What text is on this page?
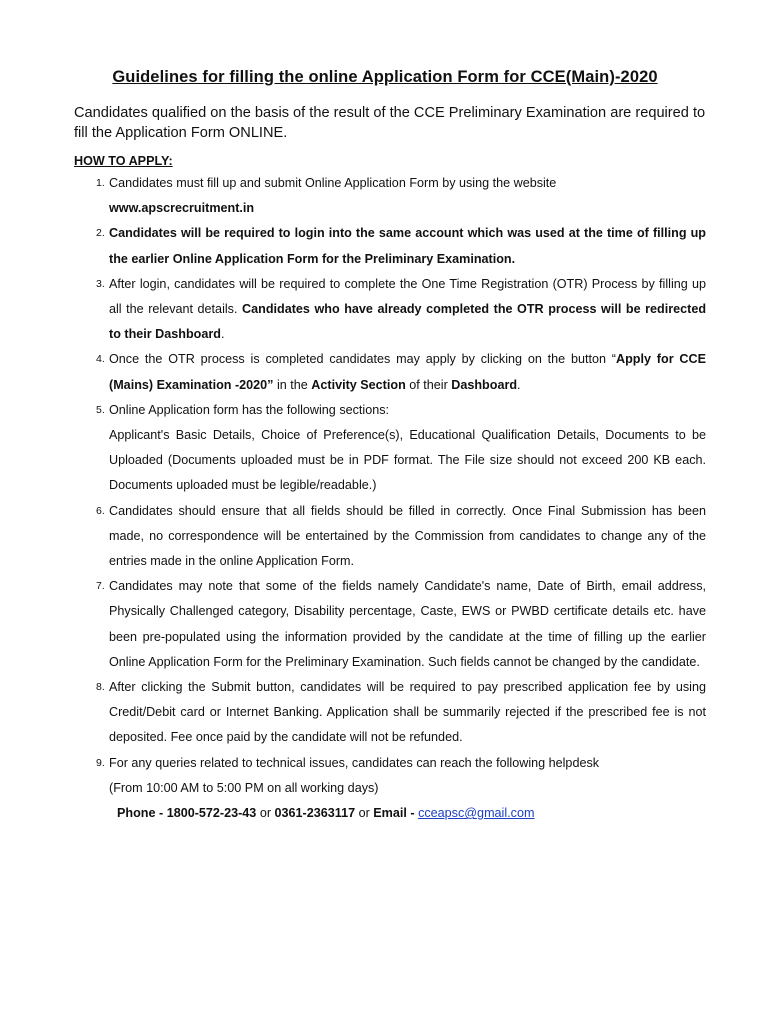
Guidelines for filling the online Application Form for CCE(Main)-2020
Candidates qualified on the basis of the result of the CCE Preliminary Examination are required to fill the Application Form ONLINE.
HOW TO APPLY:
1. Candidates must fill up and submit Online Application Form by using the website
www.apscrecruitment.in
2. Candidates will be required to login into the same account which was used at the time of filling up the earlier Online Application Form for the Preliminary Examination.
3. After login, candidates will be required to complete the One Time Registration (OTR) Process by filling up all the relevant details. Candidates who have already completed the OTR process will be redirected to their Dashboard.
4. Once the OTR process is completed candidates may apply by clicking on the button “Apply for CCE (Mains) Examination -2020” in the Activity Section of their Dashboard.
5. Online Application form has the following sections:
Applicant's Basic Details, Choice of Preference(s), Educational Qualification Details, Documents to be Uploaded (Documents uploaded must be in PDF format. The File size should not exceed 200 KB each. Documents uploaded must be legible/readable.)
6. Candidates should ensure that all fields should be filled in correctly. Once Final Submission has been made, no correspondence will be entertained by the Commission from candidates to change any of the entries made in the online Application Form.
7. Candidates may note that some of the fields namely Candidate's name, Date of Birth, email address, Physically Challenged category, Disability percentage, Caste, EWS or PWBD certificate details etc. have been pre-populated using the information provided by the candidate at the time of filling up the earlier Online Application Form for the Preliminary Examination. Such fields cannot be changed by the candidate.
8. After clicking the Submit button, candidates will be required to pay prescribed application fee by using Credit/Debit card or Internet Banking. Application shall be summarily rejected if the prescribed fee is not deposited. Fee once paid by the candidate will not be refunded.
9. For any queries related to technical issues, candidates can reach the following helpdesk
(From 10:00 AM to 5:00 PM on all working days)
Phone - 1800-572-23-43 or 0361-2363117 or Email - cceapsc@gmail.com
